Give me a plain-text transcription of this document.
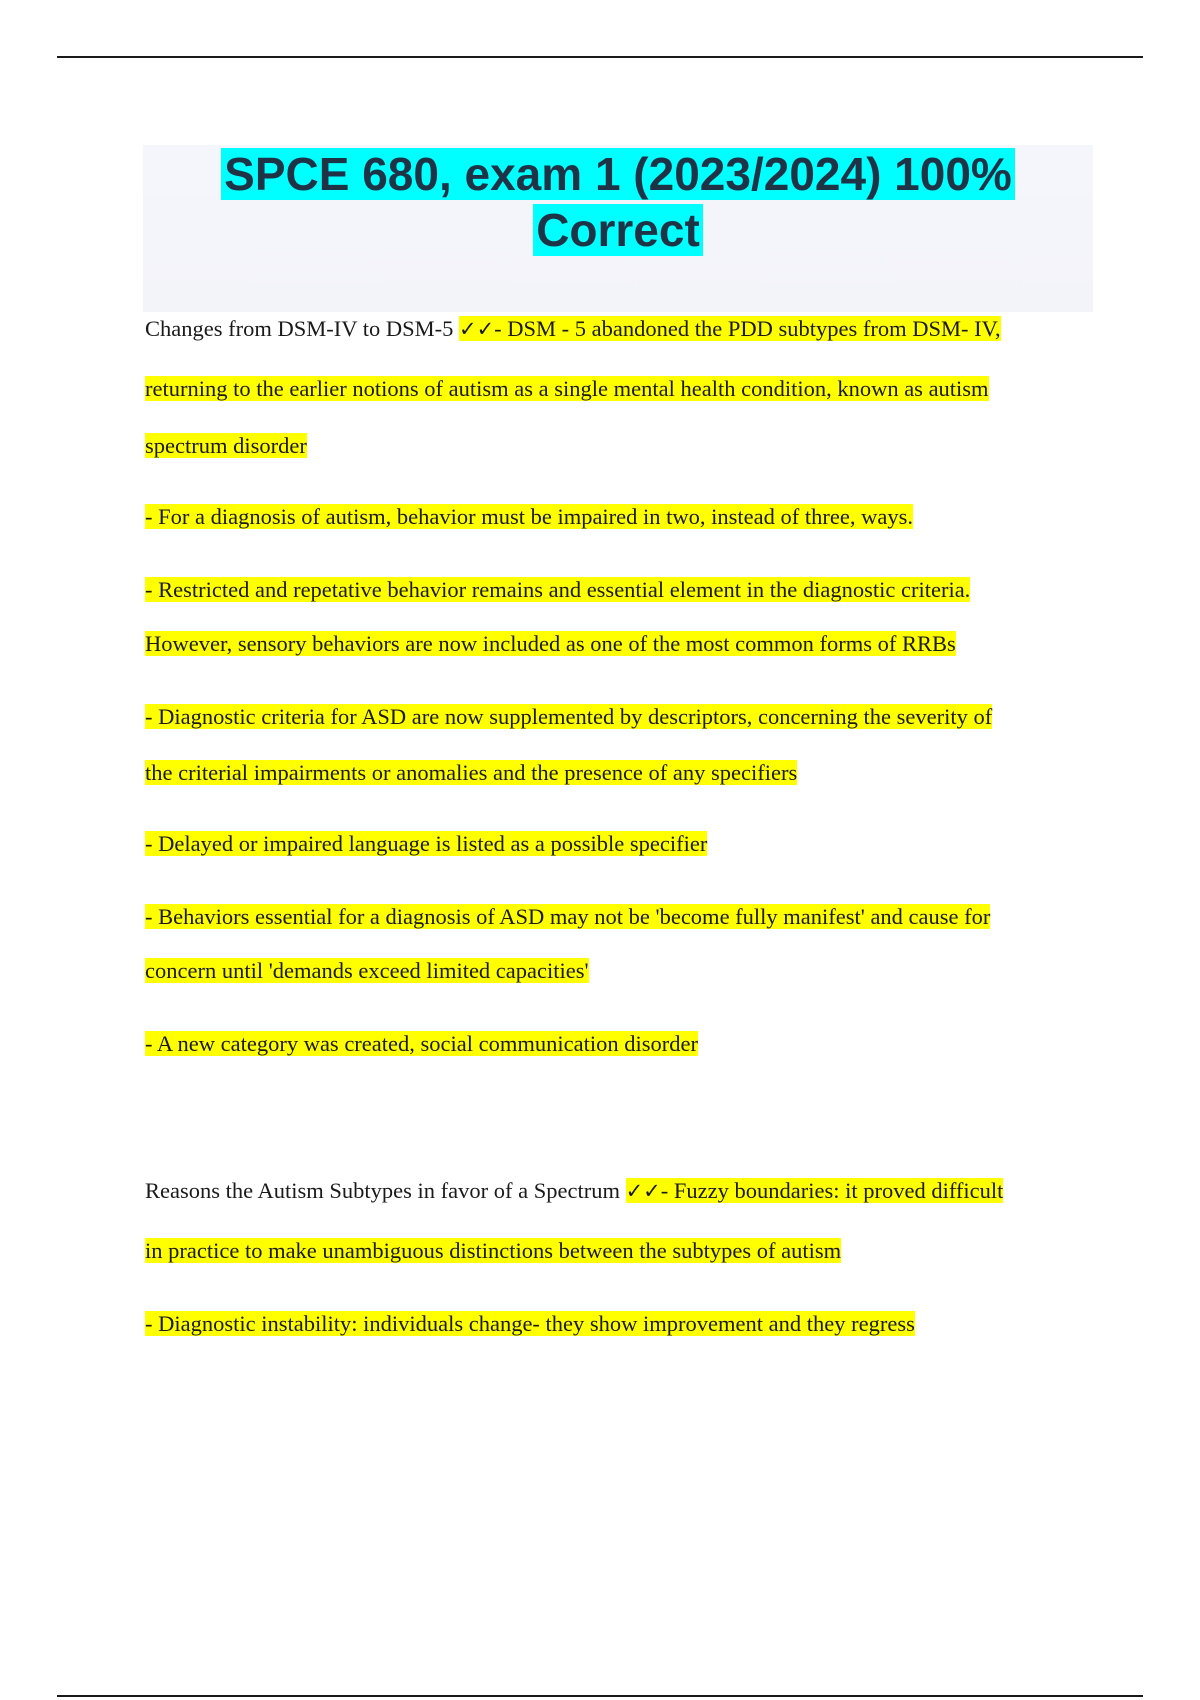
SPCE 680, exam 1 (2023/2024) 100%
Correct
Changes from DSM-IV to DSM-5 ✓✓- DSM - 5 abandoned the PDD subtypes from DSM- IV,
returning to the earlier notions of autism as a single mental health condition, known as autism
spectrum disorder
- For a diagnosis of autism, behavior must be impaired in two, instead of three, ways.
- Restricted and repetative behavior remains and essential element in the diagnostic criteria.
However, sensory behaviors are now included as one of the most common forms of RRBs
- Diagnostic criteria for ASD are now supplemented by descriptors, concerning the severity of
the criterial impairments or anomalies and the presence of any specifiers
- Delayed or impaired language is listed as a possible specifier
- Behaviors essential for a diagnosis of ASD may not be 'become fully manifest' and cause for
concern until 'demands exceed limited capacities'
- A new category was created, social communication disorder
Reasons the Autism Subtypes in favor of a Spectrum ✓✓- Fuzzy boundaries: it proved difficult
in practice to make unambiguous distinctions between the subtypes of autism
- Diagnostic instability: individuals change- they show improvement and they regress
